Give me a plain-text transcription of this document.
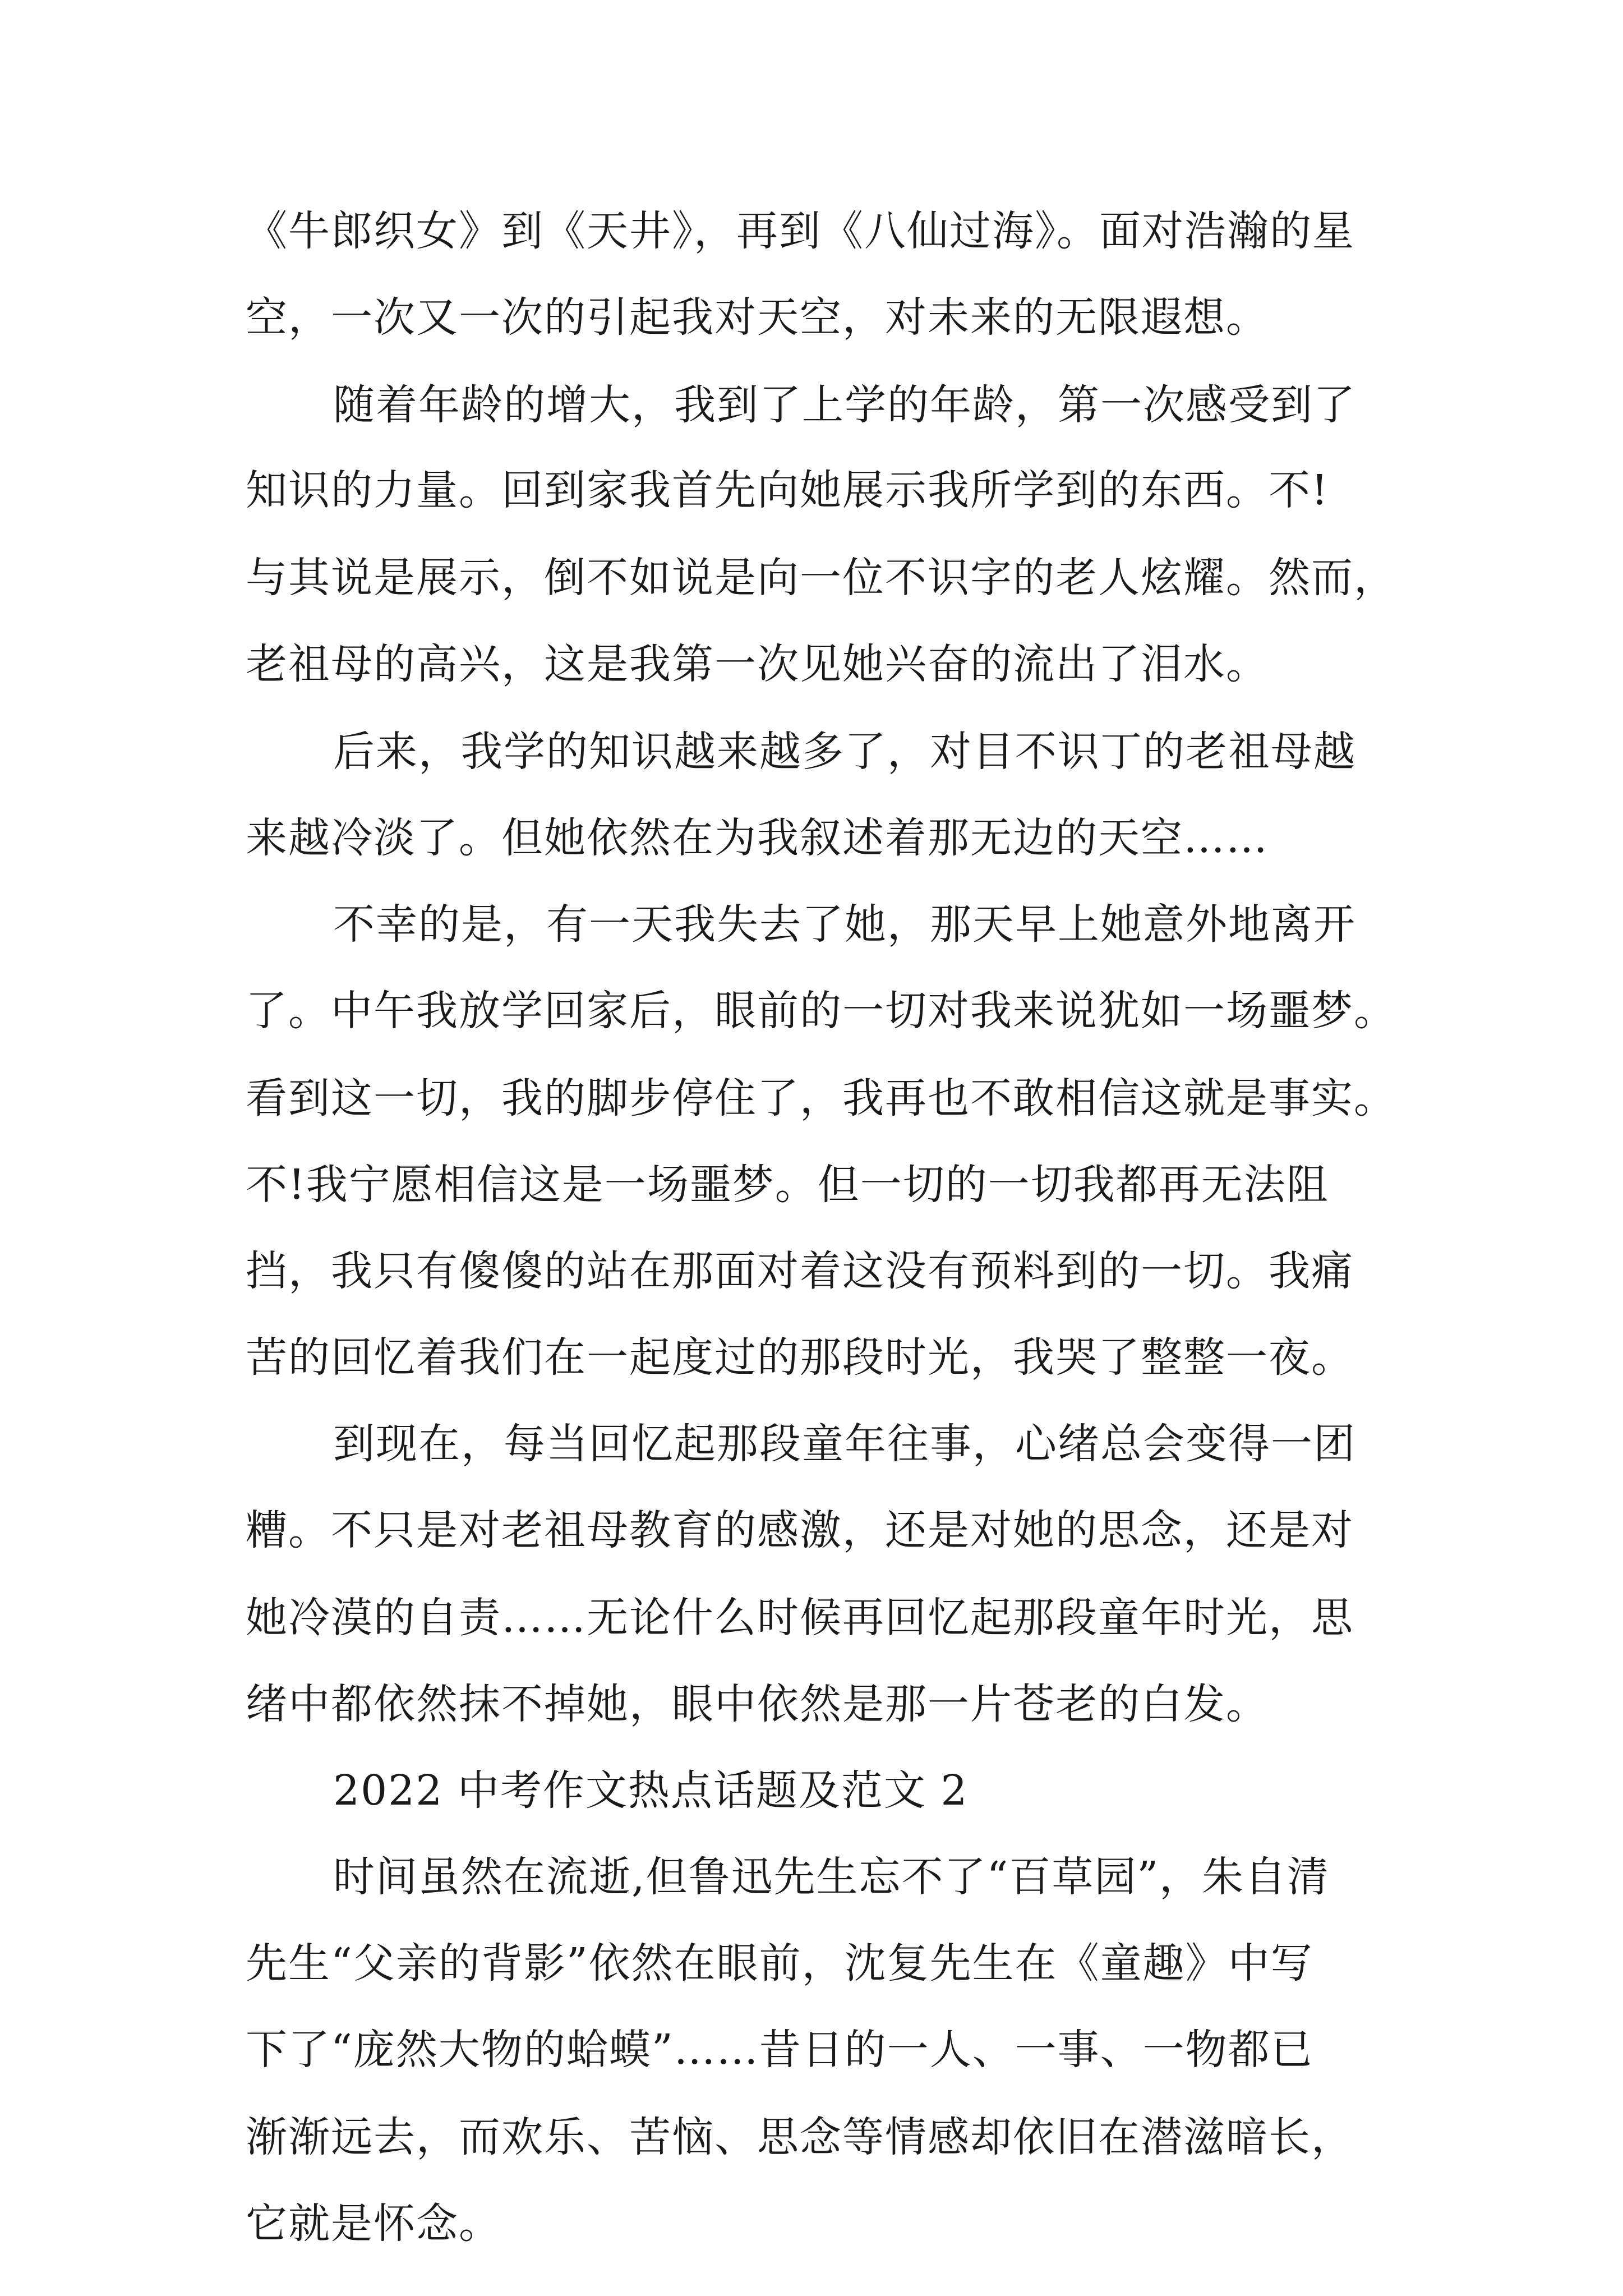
《牛郎织女》到《天井》，再到《八仙过海》。面对浩瀚的星
空，一次又一次的引起我对天空，对未来的无限遐想。
随着年龄的增大，我到了上学的年龄，第一次感受到了
知识的力量。回到家我首先向她展示我所学到的东西。不!
与其说是展示，倒不如说是向一位不识字的老人炫耀。然而，
老祖母的高兴，这是我第一次见她兴奋的流出了泪水。
后来，我学的知识越来越多了，对目不识丁的老祖母越
来越冷淡了。但她依然在为我叙述着那无边的天空……
不幸的是，有一天我失去了她，那天早上她意外地离开
了。中午我放学回家后，眼前的一切对我来说犹如一场噩梦。
看到这一切，我的脚步停住了，我再也不敢相信这就是事实。
不!我宁愿相信这是一场噩梦。但一切的一切我都再无法阻
挡，我只有傻傻的站在那面对着这没有预料到的一切。我痛
苦的回忆着我们在一起度过的那段时光，我哭了整整一夜。
到现在，每当回忆起那段童年往事，心绪总会变得一团
糟。不只是对老祖母教育的感激，还是对她的思念，还是对
她冷漠的自责……无论什么时候再回忆起那段童年时光，思
绪中都依然抹不掉她，眼中依然是那一片苍老的白发。
2022 中考作文热点话题及范文 2
时间虽然在流逝,但鲁迅先生忘不了“百草园”，朱自清
先生“父亲的背影”依然在眼前，沈复先生在《童趣》中写
下了“庞然大物的蛤蟆”……昔日的一人、一事、一物都已
渐渐远去，而欢乐、苦恼、思念等情感却依旧在潜滋暗长，
它就是怀念。
